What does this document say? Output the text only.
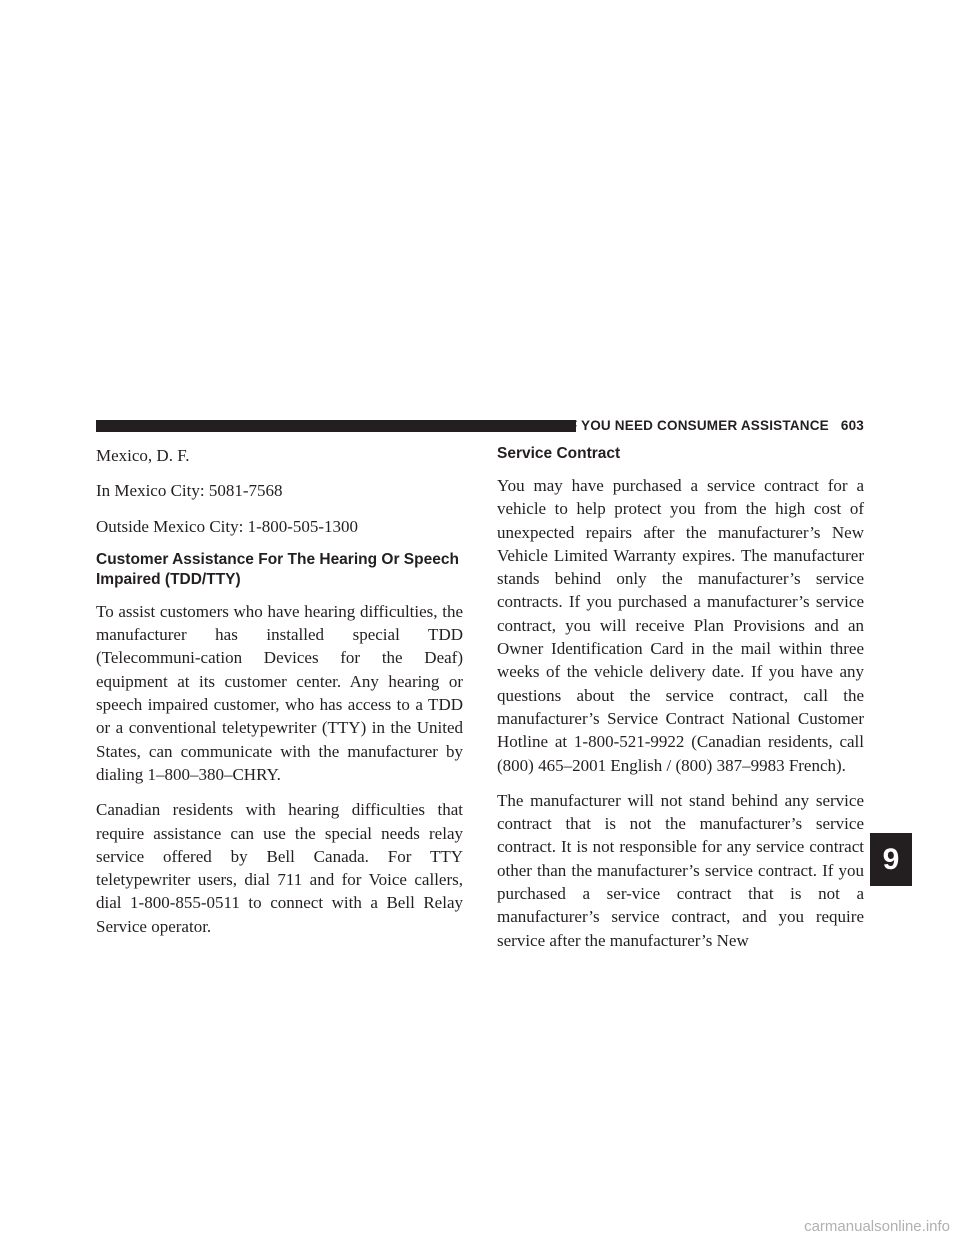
IF YOU NEED CONSUMER ASSISTANCE 603

Mexico, D. F.

In Mexico City: 5081-7568

Outside Mexico City: 1-800-505-1300

Customer Assistance For The Hearing Or Speech Impaired (TDD/TTY)

To assist customers who have hearing difficulties, the manufacturer has installed special TDD (Telecommuni-cation Devices for the Deaf) equipment at its customer center. Any hearing or speech impaired customer, who has access to a TDD or a conventional teletypewriter (TTY) in the United States, can communicate with the manufacturer by dialing 1–800–380–CHRY.

Canadian residents with hearing difficulties that require assistance can use the special needs relay service offered by Bell Canada. For TTY teletypewriter users, dial 711 and for Voice callers, dial 1-800-855-0511 to connect with a Bell Relay Service operator.

Service Contract

You may have purchased a service contract for a vehicle to help protect you from the high cost of unexpected repairs after the manufacturer’s New Vehicle Limited Warranty expires. The manufacturer stands behind only the manufacturer’s service contracts. If you purchased a manufacturer’s service contract, you will receive Plan Provisions and an Owner Identification Card in the mail within three weeks of the vehicle delivery date. If you have any questions about the service contract, call the manufacturer’s Service Contract National Customer Hotline at 1-800-521-9922 (Canadian residents, call (800) 465–2001 English / (800) 387–9983 French).

The manufacturer will not stand behind any service contract that is not the manufacturer’s service contract. It is not responsible for any service contract other than the manufacturer’s service contract. If you purchased a ser-vice contract that is not a manufacturer’s service contract, and you require service after the manufacturer’s New

9
carmanualsonline.info
